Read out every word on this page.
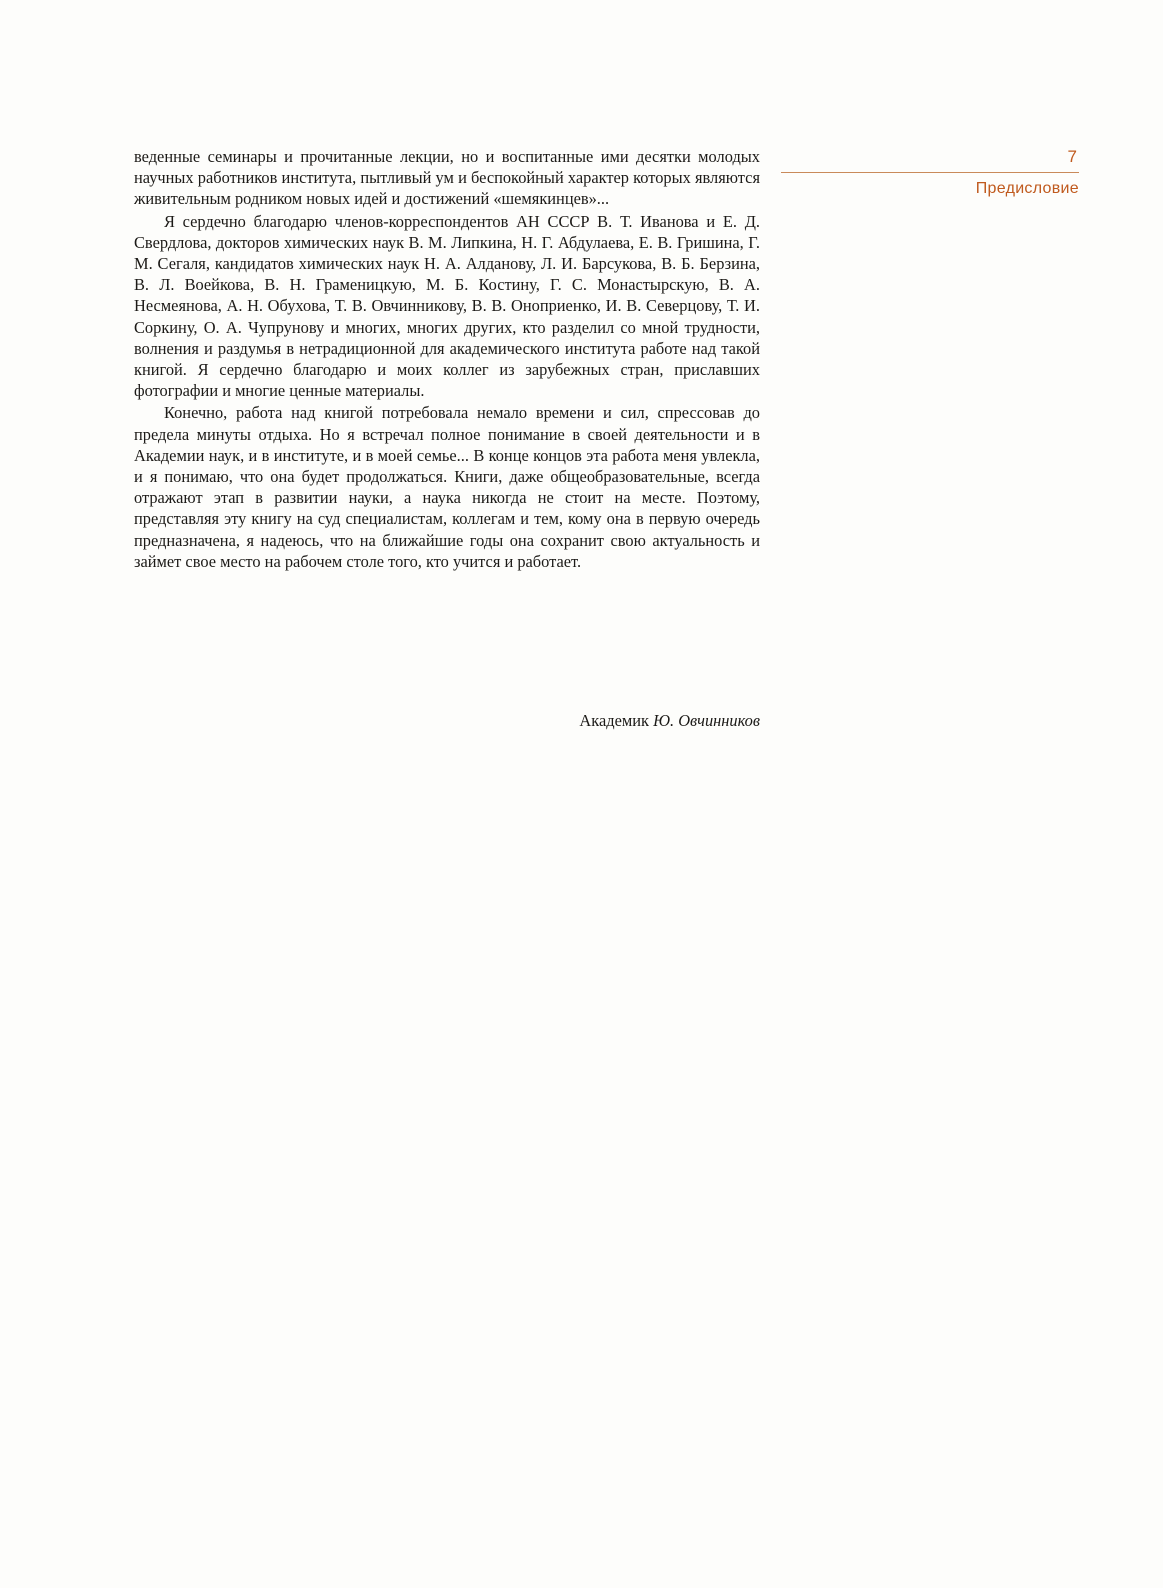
веденные семинары и прочитанные лекции, но и воспитанные ими десятки молодых научных работников института, пытливый ум и беспокойный характер которых являются живительным родником новых идей и достижений «шемякинцев»...

Я сердечно благодарю членов-корреспондентов АН СССР В. Т. Иванова и Е. Д. Свердлова, докторов химических наук В. М. Липкина, Н. Г. Абдулаева, Е. В. Гришина, Г. М. Сегаля, кандидатов химических наук Н. А. Алданову, Л. И. Барсукова, В. Б. Берзина, В. Л. Воейкова, В. Н. Граменицкую, М. Б. Костину, Г. С. Монастырскую, В. А. Несмеянова, А. Н. Обухова, Т. В. Овчинникову, В. В. Оноприенко, И. В. Северцову, Т. И. Соркину, О. А. Чупрунову и многих, многих других, кто разделил со мной трудности, волнения и раздумья в нетрадиционной для академического института работе над такой книгой. Я сердечно благодарю и моих коллег из зарубежных стран, приславших фотографии и многие ценные материалы.

Конечно, работа над книгой потребовала немало времени и сил, спрессовав до предела минуты отдыха. Но я встречал полное понимание в своей деятельности и в Академии наук, и в институте, и в моей семье... В конце концов эта работа меня увлекла, и я понимаю, что она будет продолжаться. Книги, даже общеобразовательные, всегда отражают этап в развитии науки, а наука никогда не стоит на месте. Поэтому, представляя эту книгу на суд специалистам, коллегам и тем, кому она в первую очередь предназначена, я надеюсь, что на ближайшие годы она сохранит свою актуальность и займет свое место на рабочем столе того, кто учится и работает.

Академик Ю. Овчинников
7
Предисловие
